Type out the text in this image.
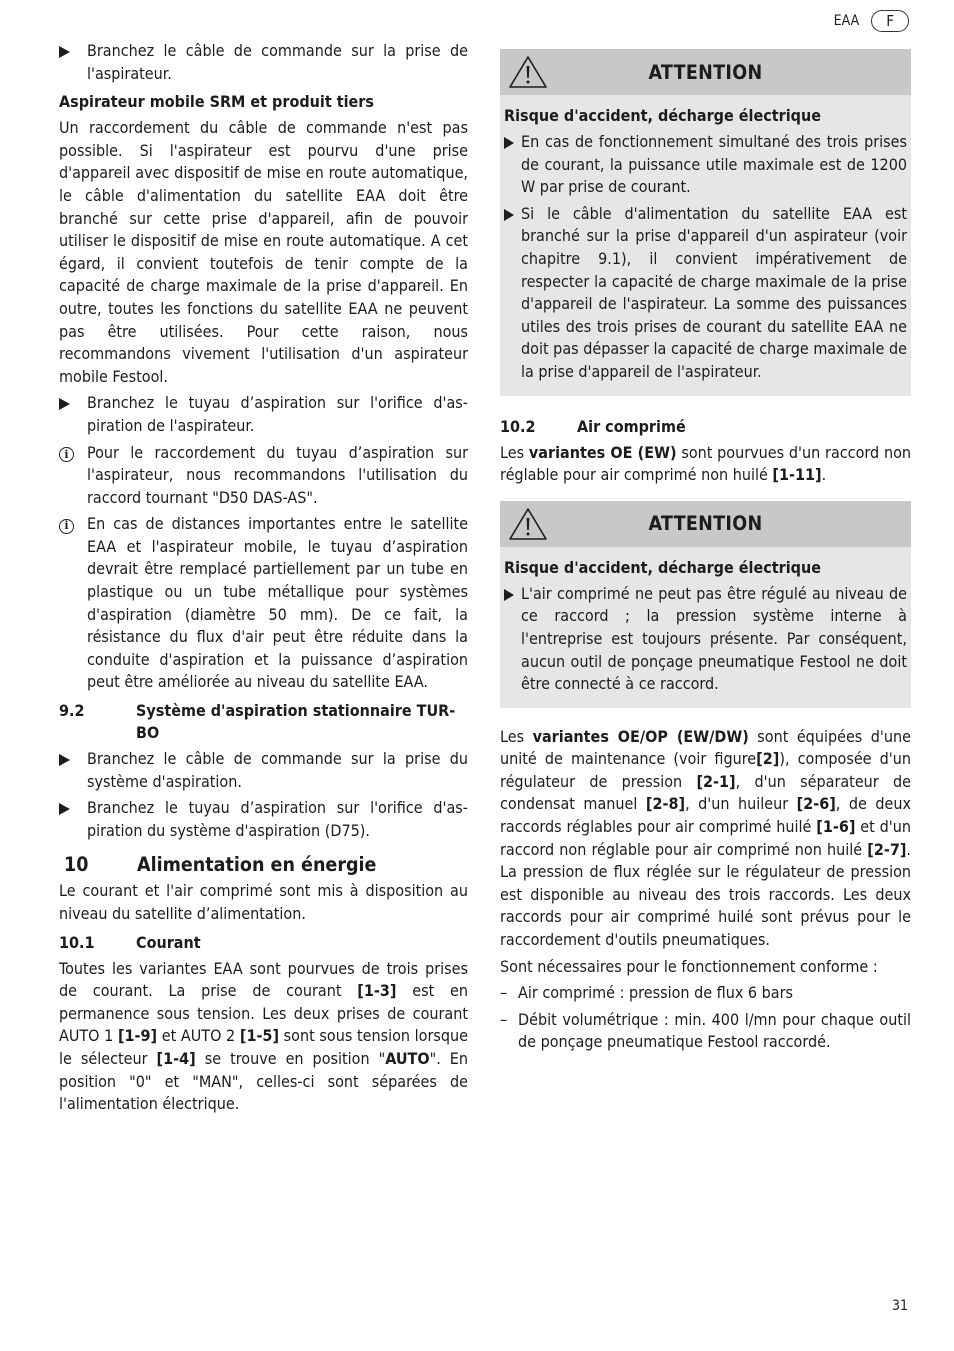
EAA	F
Branchez le câble de commande sur la prise de l'aspirateur.
Aspirateur mobile SRM et produit tiers

Un raccordement du câble de commande n'est pas possible. Si l'aspirateur est pourvu d'une prise d'appareil avec dispositif de mise en route automatique, le câble d'alimentation du satellite EAA doit être branché sur cette prise d'appareil, afin de pouvoir utiliser le dispositif de mise en route automatique. A cet égard, il convient toutefois de tenir compte de la capacité de charge maximale de la prise d'appareil. En outre, toutes les fonctions du satellite EAA ne peuvent pas être utilisées. Pour cette raison, nous recommandons vivement l'utilisation d'un aspirateur mobile Festool.

Branchez le tuyau d’aspiration sur l'orifice d'aspiration de l'aspirateur.
i	Pour le raccordement du tuyau d’aspiration sur l'aspirateur, nous recommandons l'utilisation du raccord tournant "D50 DAS-AS".
i	En cas de distances importantes entre le satellite EAA et l'aspirateur mobile, le tuyau d’aspiration devrait être remplacé partiellement par un tube en plastique ou un tube métallique pour systèmes d'aspiration (diamètre 50 mm). De ce fait, la résistance du flux d'air peut être réduite dans la conduite d'aspiration et la puissance d’aspiration peut être améliorée au niveau du satellite EAA.
9.2	Système d'aspiration stationnaire TURBO
Branchez le câble de commande sur la prise du système d'aspiration.
Branchez le tuyau d’aspiration sur l'orifice d'aspiration du système d'aspiration (D75).
10	Alimentation en énergie

Le courant et l'air comprimé sont mis à disposition au niveau du satellite d’alimentation.

10.1	Courant

Toutes les variantes EAA sont pourvues de trois prises de courant. La prise de courant [1-3] est en permanence sous tension. Les deux prises de courant AUTO 1 [1-9] et AUTO 2 [1-5] sont sous tension lorsque le sélecteur [1-4] se trouve en position "AUTO". En position "0" et "MAN", celles-ci sont séparées de l'alimentation électrique.

ATTENTION
Risque d'accident, décharge électrique
En cas de fonctionnement simultané des trois prises de courant, la puissance utile maximale est de 1200 W par prise de courant.
Si le câble d'alimentation du satellite EAA est branché sur la prise d'appareil d'un aspirateur (voir chapitre 9.1), il convient impérativement de respecter la capacité de charge maximale de la prise d'appareil de l'aspirateur. La somme des puissances utiles des trois prises de courant du satellite EAA ne doit pas dépasser la capacité de charge maximale de la prise d'appareil de l'aspirateur.
10.2	Air comprimé

Les variantes OE (EW) sont pourvues d'un raccord non réglable pour air comprimé non huilé [1-11].

ATTENTION
Risque d'accident, décharge électrique
L'air comprimé ne peut pas être régulé au niveau de ce raccord ; la pression système interne à l'entreprise est toujours présente. Par conséquent, aucun outil de ponçage pneumatique Festool ne doit être connecté à ce raccord.

Les variantes OE/OP (EW/DW) sont équipées d'une unité de maintenance (voir figure[2]), composée d'un régulateur de pression [2-1], d'un séparateur de condensat manuel [2-8], d'un huileur [2-6], de deux raccords réglables pour air comprimé huilé [1-6] et d'un raccord non réglable pour air comprimé non huilé [2-7]. La pression de flux réglée sur le régulateur de pression est disponible au niveau des trois raccords. Les deux raccords pour air comprimé huilé sont prévus pour le raccordement d'outils pneumatiques.

Sont nécessaires pour le fonctionnement conforme :

– Air comprimé : pression de flux 6 bars
– Débit volumétrique : min. 400 l/mn pour chaque outil de ponçage pneumatique Festool raccordé.
31
